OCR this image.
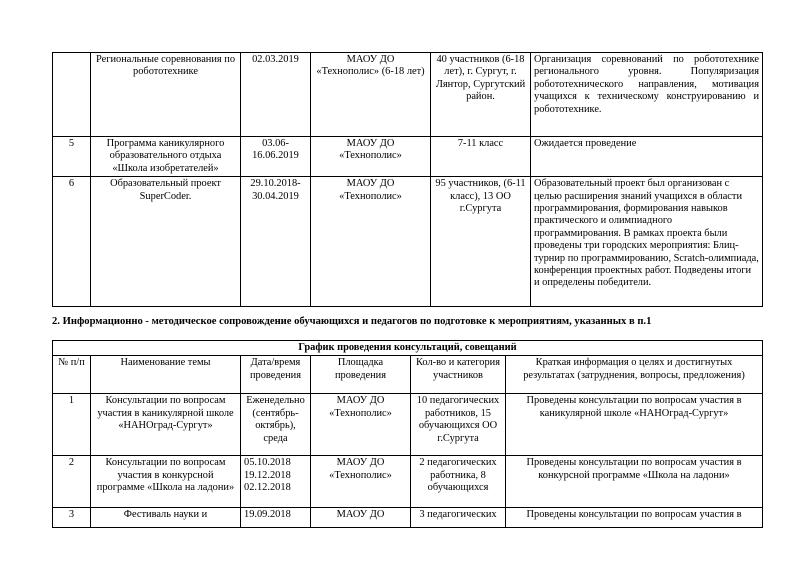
	Региональные соревнования по робототехнике	02.03.2019	МАОУ ДО «Технополис» (6-18 лет)	40 участников (6-18 лет), г. Сургут, г. Лянтор, Сургутский район.	Организация соревнований по робототехнике регионального уровня. Популяризация робототехнического направления, мотивация учащихся к техническому конструированию и робототехнике.
5	Программа каникулярного образовательного отдыха «Школа изобретателей»	03.06-16.06.2019	МАОУ ДО «Технополис»	7-11 класс	Ожидается проведение
6	Образовательный проект SuperCoder.	29.10.2018-30.04.2019	МАОУ ДО «Технополис»	95 участников, (6-11 класс), 13 ОО г.Сургута	Образовательный проект был организован с целью расширения знаний учащихся в области программирования, формирования навыков практического и олимпиадного программирования. В рамках проекта были проведены три городских мероприятия: Блиц-турнир по программированию, Scratch-олимпиада, конференция проектных работ. Подведены итоги и определены победители.
2. Информационно - методическое сопровождение обучающихся и педагогов по подготовке к мероприятиям, указанных в п.1
График проведения консультаций, совещаний					
№ п/п	Наименование темы	Дата/время проведения	Площадка проведения	Кол-во и категория участников	Краткая информация о целях и достигнутых результатах (затруднения, вопросы, предложения)
1	Консультации по вопросам участия в каникулярной школе «НАНОград-Сургут»	Еженедельно (сентябрь-октябрь), среда	МАОУ ДО «Технополис»	10 педагогических работников, 15 обучающихся ОО г.Сургута	Проведены консультации по вопросам участия в каникулярной школе «НАНОград-Сургут»
2	Консультации по вопросам участия в конкурсной программе «Школа на ладони»	05.10.2018 19.12.2018 02.12.2018	МАОУ ДО «Технополис»	2 педагогических работника, 8 обучающихся	Проведены консультации по вопросам участия в конкурсной программе «Школа на ладони»
3	Фестиваль науки и	19.09.2018	МАОУ ДО	3 педагогических	Проведены консультации по вопросам участия в
